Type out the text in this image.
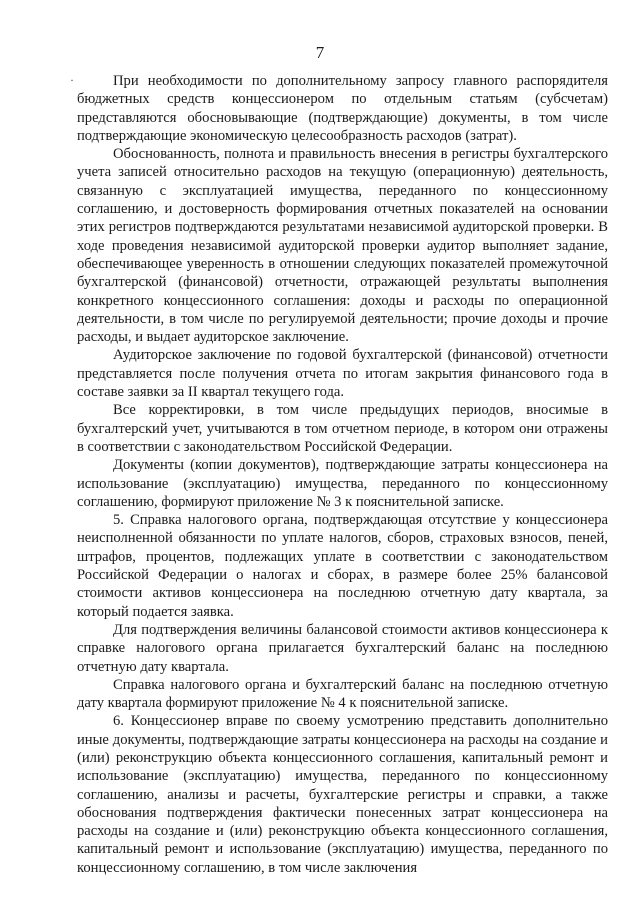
7
·	При необходимости по дополнительному запросу главного распорядителя бюджетных средств концессионером по отдельным статьям (субсчетам) представляются обосновывающие (подтверждающие) документы, в том числе подтверждающие экономическую целесообразность расходов (затрат).

Обоснованность, полнота и правильность внесения в регистры бухгалтерского учета записей относительно расходов на текущую (операционную) деятельность, связанную с эксплуатацией имущества, переданного по концессионному соглашению, и достоверность формирования отчетных показателей на основании этих регистров подтверждаются результатами независимой аудиторской проверки. В ходе проведения независимой аудиторской проверки аудитор выполняет задание, обеспечивающее уверенность в отношении следующих показателей промежуточной бухгалтерской (финансовой) отчетности, отражающей результаты выполнения конкретного концессионного соглашения: доходы и расходы по операционной деятельности, в том числе по регулируемой деятельности; прочие доходы и прочие расходы, и выдает аудиторское заключение.

Аудиторское заключение по годовой бухгалтерской (финансовой) отчетности представляется после получения отчета по итогам закрытия финансового года в составе заявки за II квартал текущего года.

Все корректировки, в том числе предыдущих периодов, вносимые в бухгалтерский учет, учитываются в том отчетном периоде, в котором они отражены в соответствии с законодательством Российской Федерации.

Документы (копии документов), подтверждающие затраты концессионера на использование (эксплуатацию) имущества, переданного по концессионному соглашению, формируют приложение № 3 к пояснительной записке.

5. Справка налогового органа, подтверждающая отсутствие у концессионера неисполненной обязанности по уплате налогов, сборов, страховых взносов, пеней, штрафов, процентов, подлежащих уплате в соответствии с законодательством Российской Федерации о налогах и сборах, в размере более 25% балансовой стоимости активов концессионера на последнюю отчетную дату квартала, за который подается заявка.

Для подтверждения величины балансовой стоимости активов концессионера к справке налогового органа прилагается бухгалтерский баланс на последнюю отчетную дату квартала.

Справка налогового органа и бухгалтерский баланс на последнюю отчетную дату квартала формируют приложение № 4 к пояснительной записке.

6. Концессионер вправе по своему усмотрению представить дополнительно иные документы, подтверждающие затраты концессионера на расходы на создание и (или) реконструкцию объекта концессионного соглашения, капитальный ремонт и использование (эксплуатацию) имущества, переданного по концессионному соглашению, анализы и расчеты, бухгалтерские регистры и справки, а также обоснования подтверждения фактически понесенных затрат концессионера на расходы на создание и (или) реконструкцию объекта концессионного соглашения, капитальный ремонт и использование (эксплуатацию) имущества, переданного по концессионному соглашению, в том числе заключения
